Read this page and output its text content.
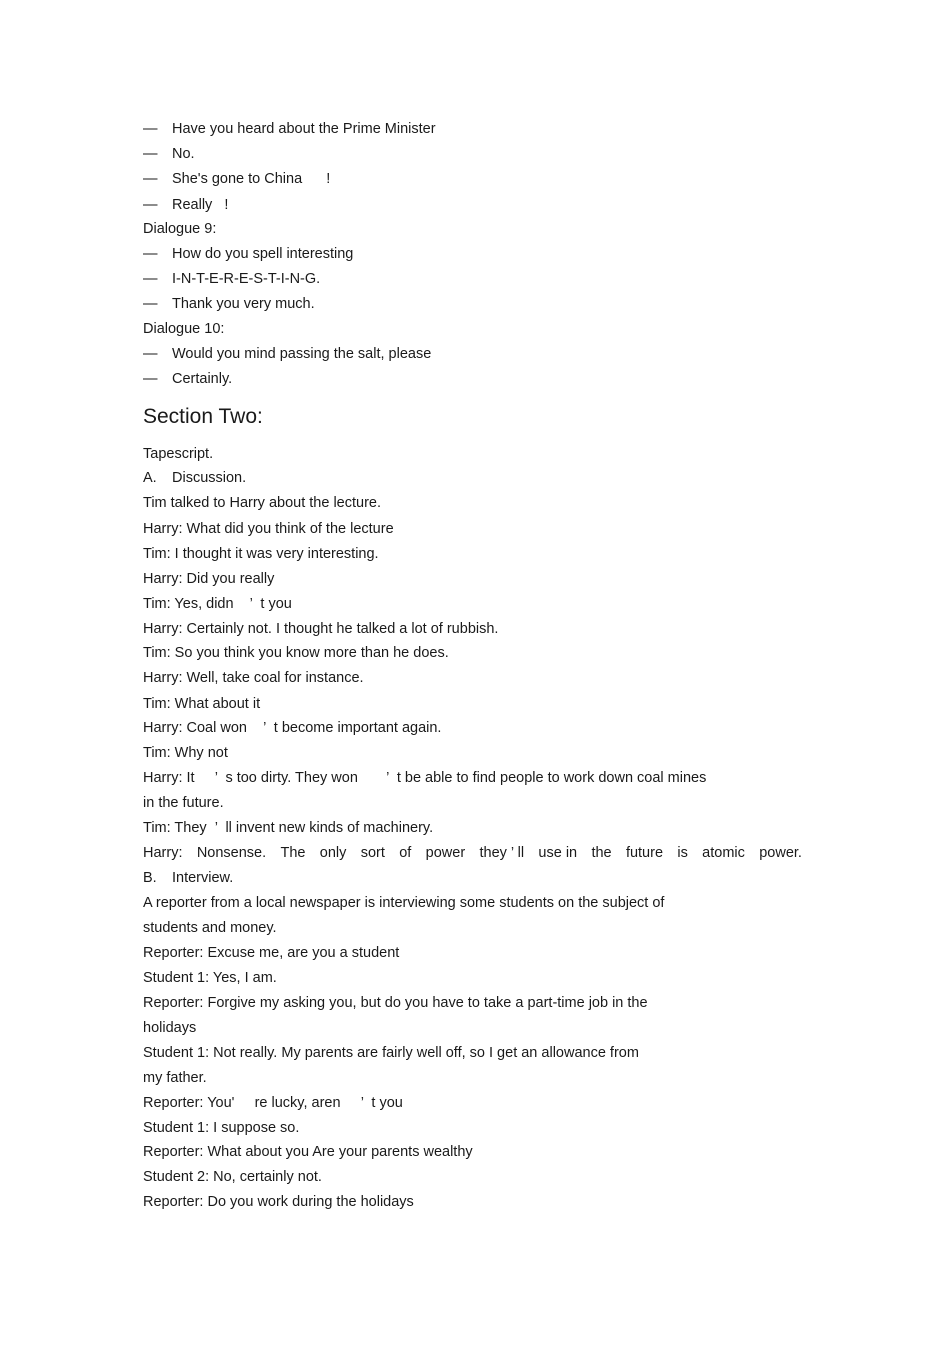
— Have you heard about the Prime Minister
— No.
— She's gone to China      !
— Really   !

Dialogue 9:

— How do you spell interesting
— I-N-T-E-R-E-S-T-I-N-G.
— Thank you very much.

Dialogue 10:

— Would you mind passing the salt, please
— Certainly.
Section Two:

Tapescript.

A. Discussion.

Tim talked to Harry about the lecture.

Harry: What did you think of the lecture

Tim: I thought it was very interesting.

Harry: Did you really

Tim: Yes, didn    ’  t you

Harry: Certainly not. I thought he talked a lot of rubbish.

Tim: So you think you know more than he does.

Harry: Well, take coal for instance.

Tim: What about it

Harry: Coal won    ’  t become important again.

Tim: Why not

Harry: It     ’  s too dirty. They won       ’  t be able to find people to work down coal mines

in the future.

Tim: They  ’  ll invent new kinds of machinery.

Harry: Nonsense. The only sort of power they ’ ll use in the future is atomic power.
B. Interview.

A reporter from a local newspaper is interviewing some students on the subject of

students and money.

Reporter: Excuse me, are you a student

Student 1: Yes, I am.

Reporter: Forgive my asking you, but do you have to take a part-time job in the

holidays

Student 1: Not really. My parents are fairly well off, so I get an allowance from

my father.

Reporter: You'     re lucky, aren     ’  t you

Student 1: I suppose so.

Reporter: What about you Are your parents wealthy

Student 2: No, certainly not.

Reporter: Do you work during the holidays
